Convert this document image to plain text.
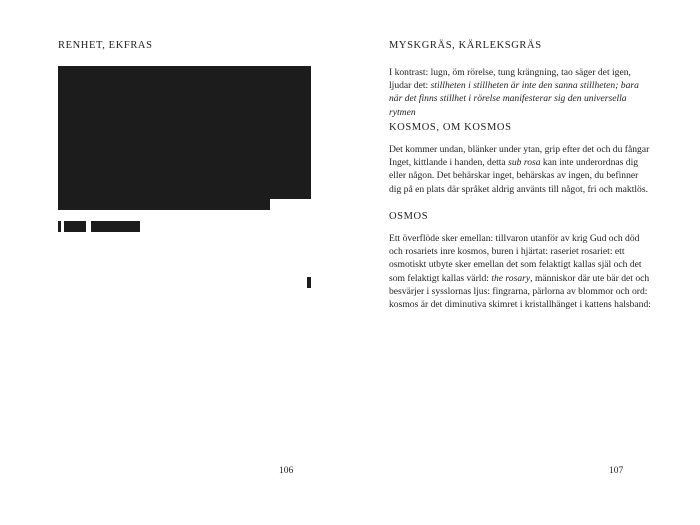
RENHET, EKFRAS
106
MYSKGRÄS, KÄRLEKSGRÄS

I kontrast: lugn, öm rörelse, tung krängning, tao säger det igen, ljudar det: stillheten i stillheten är inte den sanna stillheten; bara när det finns stillhet i rörelse manifesterar sig den universella rytmen

KOSMOS, OM KOSMOS

Det kommer undan, blänker under ytan, grip efter det och du fångar Inget, kittlande i handen, detta sub rosa kan inte underordnas dig eller någon. Det behärskar inget, behärskas av ingen, du befinner dig på en plats där språket aldrig använts till något, fri och maktlös.

OSMOS

Ett överflöde sker emellan: tillvaron utanför av krig Gud och död och rosariets inre kosmos, buren i hjärtat: raseriet rosariet: ett osmotiskt utbyte sker emellan det som felaktigt kallas själ och det som felaktigt kallas värld: the rosary, människor där ute bär det och besvärjer i sysslornas ljus: fingrarna, pärlorna av blommor och ord: kosmos är det diminutiva skimret i kristallhänget i kattens halsband:

107
